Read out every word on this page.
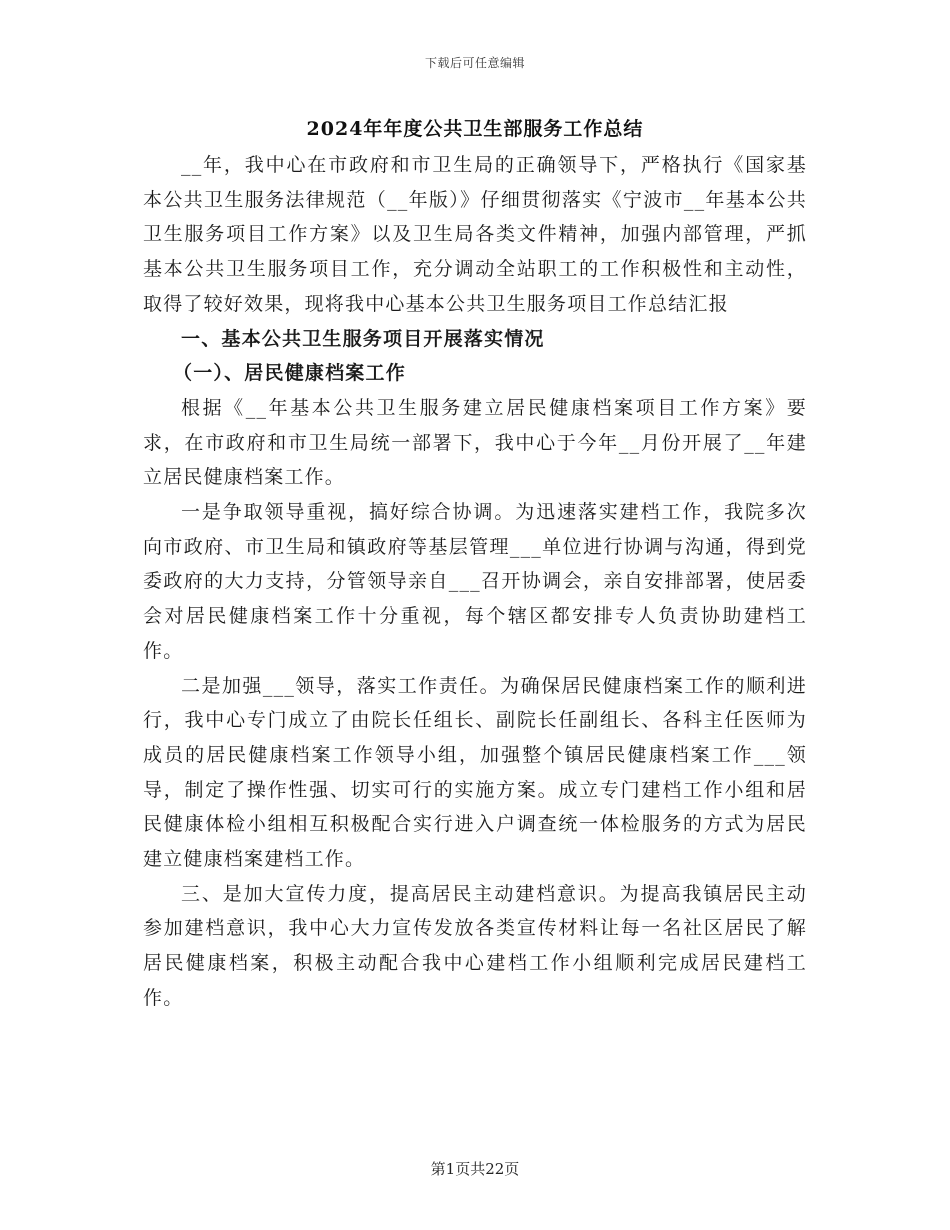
下载后可任意编辑
2024年年度公共卫生部服务工作总结

__年，我中心在市政府和市卫生局的正确领导下，严格执行《国家基本公共卫生服务法律规范（__年版）》仔细贯彻落实《宁波市__年基本公共卫生服务项目工作方案》以及卫生局各类文件精神，加强内部管理，严抓基本公共卫生服务项目工作，充分调动全站职工的工作积极性和主动性，取得了较好效果，现将我中心基本公共卫生服务项目工作总结汇报

一、基本公共卫生服务项目开展落实情况

（一）、居民健康档案工作

根据《__年基本公共卫生服务建立居民健康档案项目工作方案》要求，在市政府和市卫生局统一部署下，我中心于今年__月份开展了__年建立居民健康档案工作。

一是争取领导重视，搞好综合协调。为迅速落实建档工作，我院多次向市政府、市卫生局和镇政府等基层管理___单位进行协调与沟通，得到党委政府的大力支持，分管领导亲自___召开协调会，亲自安排部署，使居委会对居民健康档案工作十分重视，每个辖区都安排专人负责协助建档工作。

二是加强___领导，落实工作责任。为确保居民健康档案工作的顺利进行，我中心专门成立了由院长任组长、副院长任副组长、各科主任医师为成员的居民健康档案工作领导小组，加强整个镇居民健康档案工作___领导，制定了操作性强、切实可行的实施方案。成立专门建档工作小组和居民健康体检小组相互积极配合实行进入户调查统一体检服务的方式为居民建立健康档案建档工作。

三、是加大宣传力度，提高居民主动建档意识。为提高我镇居民主动参加建档意识，我中心大力宣传发放各类宣传材料让每一名社区居民了解居民健康档案，积极主动配合我中心建档工作小组顺利完成居民建档工作。

第1页共22页
